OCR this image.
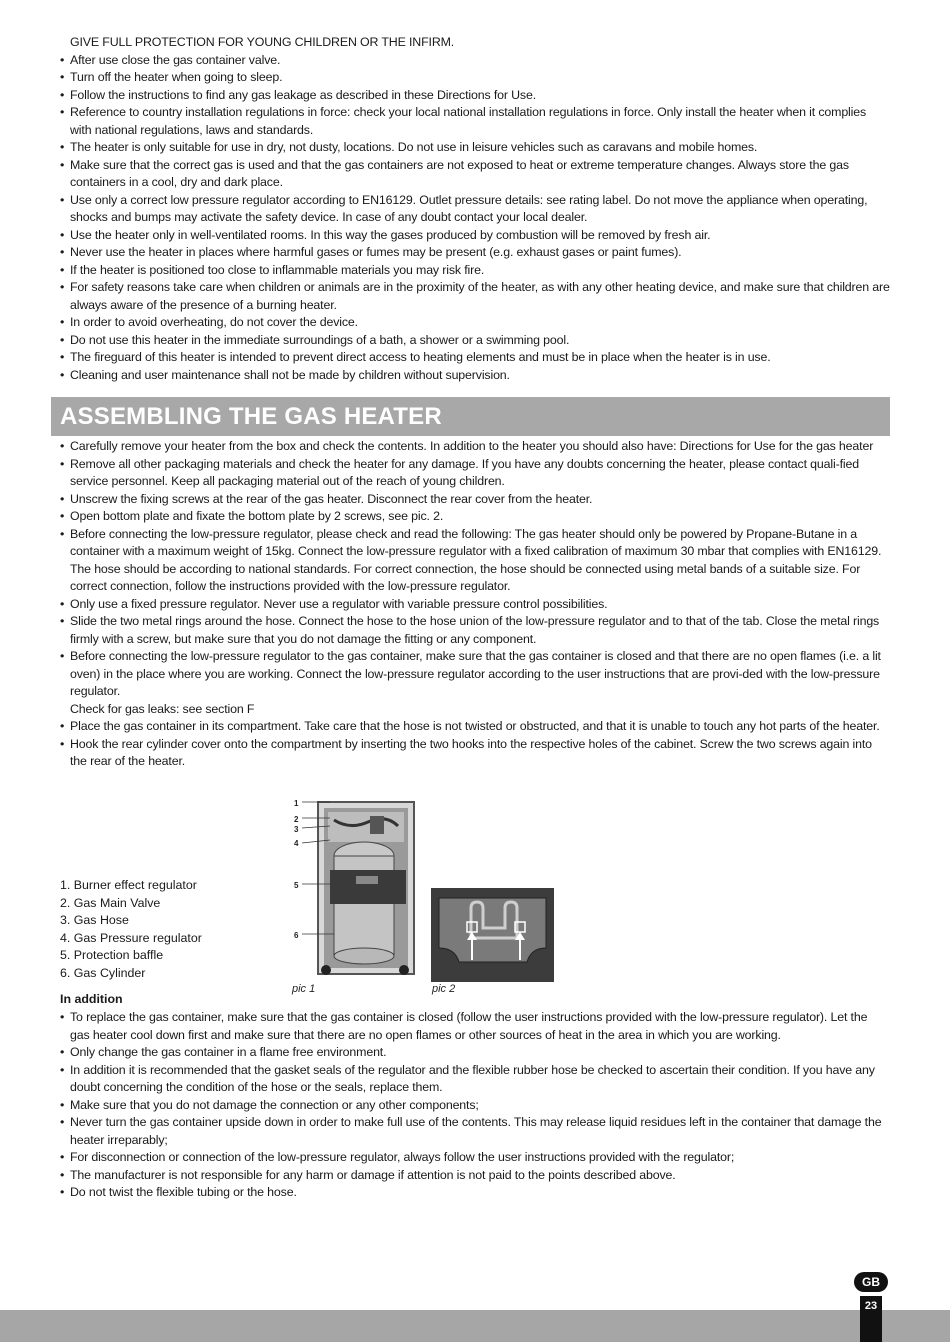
GIVE FULL PROTECTION FOR YOUNG CHILDREN OR THE INFIRM.

• After use close the gas container valve.
• Turn off the heater when going to sleep.
• Follow the instructions to find any gas leakage as described in these Directions for Use.
• Reference to country installation regulations in force: check your local national installation regulations in force. Only install the heater when it complies with national regulations, laws and standards.
• The heater is only suitable for use in dry, not dusty, locations. Do not use in leisure vehicles such as caravans and mobile homes.
• Make sure that the correct gas is used and that the gas containers are not exposed to heat or extreme temperature changes. Always store the gas containers in a cool, dry and dark place.
• Use only a correct low pressure regulator according to EN16129. Outlet pressure details: see rating label. Do not move the appliance when operating, shocks and bumps may activate the safety device. In case of any doubt contact your local dealer.
• Use the heater only in well-ventilated rooms. In this way the gases produced by combustion will be removed by fresh air.
• Never use the heater in places where harmful gases or fumes may be present (e.g. exhaust gases or paint fumes).
• If the heater is positioned too close to inflammable materials you may risk fire.
• For safety reasons take care when children or animals are in the proximity of the heater, as with any other heating device, and make sure that children are always aware of the presence of a burning heater.
• In order to avoid overheating, do not cover the device.
• Do not use this heater in the immediate surroundings of a bath, a shower or a swimming pool.
• The fireguard of this heater is intended to prevent direct access to heating elements and must be in place when the heater is in use.
• Cleaning and user maintenance shall not be made by children without supervision.
ASSEMBLING THE GAS HEATER
• Carefully remove your heater from the box and check the contents. In addition to the heater you should also have: Directions for Use for the gas heater
• Remove all other packaging materials and check the heater for any damage. If you have any doubts concerning the heater, please contact quali-fied service personnel. Keep all packaging material out of the reach of young children.
• Unscrew the fixing screws at the rear of the gas heater. Disconnect the rear cover from the heater.
• Open bottom plate and fixate the bottom plate by 2 screws, see pic. 2.
• Before connecting the low-pressure regulator, please check and read the following: The gas heater should only be powered by Propane-Butane in a container with a maximum weight of 15kg. Connect the low-pressure regulator with a fixed calibration of maximum 30 mbar that complies with EN16129. The hose should be according to national standards. For correct connection, the hose should be connected using metal bands of a suitable size. For correct connection, follow the instructions provided with the low-pressure regulator.
• Only use a fixed pressure regulator. Never use a regulator with variable pressure control possibilities.
• Slide the two metal rings around the hose. Connect the hose to the hose union of the low-pressure regulator and to that of the tab. Close the metal rings firmly with a screw, but make sure that you do not damage the fitting or any component.
• Before connecting the low-pressure regulator to the gas container, make sure that the gas container is closed and that there are no open flames (i.e. a lit oven) in the place where you are working. Connect the low-pressure regulator according to the user instructions that are provi-ded with the low-pressure regulator.
Check for gas leaks: see section F
• Place the gas container in its compartment. Take care that the hose is not twisted or obstructed, and that it is unable to touch any hot parts of the heater.
• Hook the rear cylinder cover onto the compartment by inserting the two hooks into the respective holes of the cabinet. Screw the two screws again into the rear of the heater.
1. Burner effect regulator
2. Gas Main Valve
3. Gas Hose
4. Gas Pressure regulator
5. Protection baffle
6. Gas Cylinder
1
2
3
4
5
6
pic 1	pic 2
In addition
• To replace the gas container, make sure that the gas container is closed (follow the user instructions provided with the low-pressure regulator). Let the gas heater cool down first and make sure that there are no open flames or other sources of heat in the area in which you are working.
• Only change the gas container in a flame free environment.
• In addition it is recommended that the gasket seals of the regulator and the flexible rubber hose be checked to ascertain their condition. If you have any doubt concerning the condition of the hose or the seals, replace them.
• Make sure that you do not damage the connection or any other components;
• Never turn the gas container upside down in order to make full use of the contents. This may release liquid residues left in the container that damage the heater irreparably;
• For disconnection or connection of the low-pressure regulator, always follow the user instructions provided with the regulator;
• The manufacturer is not responsible for any harm or damage if attention is not paid to the points described above.
• Do not twist the flexible tubing or the hose.
23
GB
